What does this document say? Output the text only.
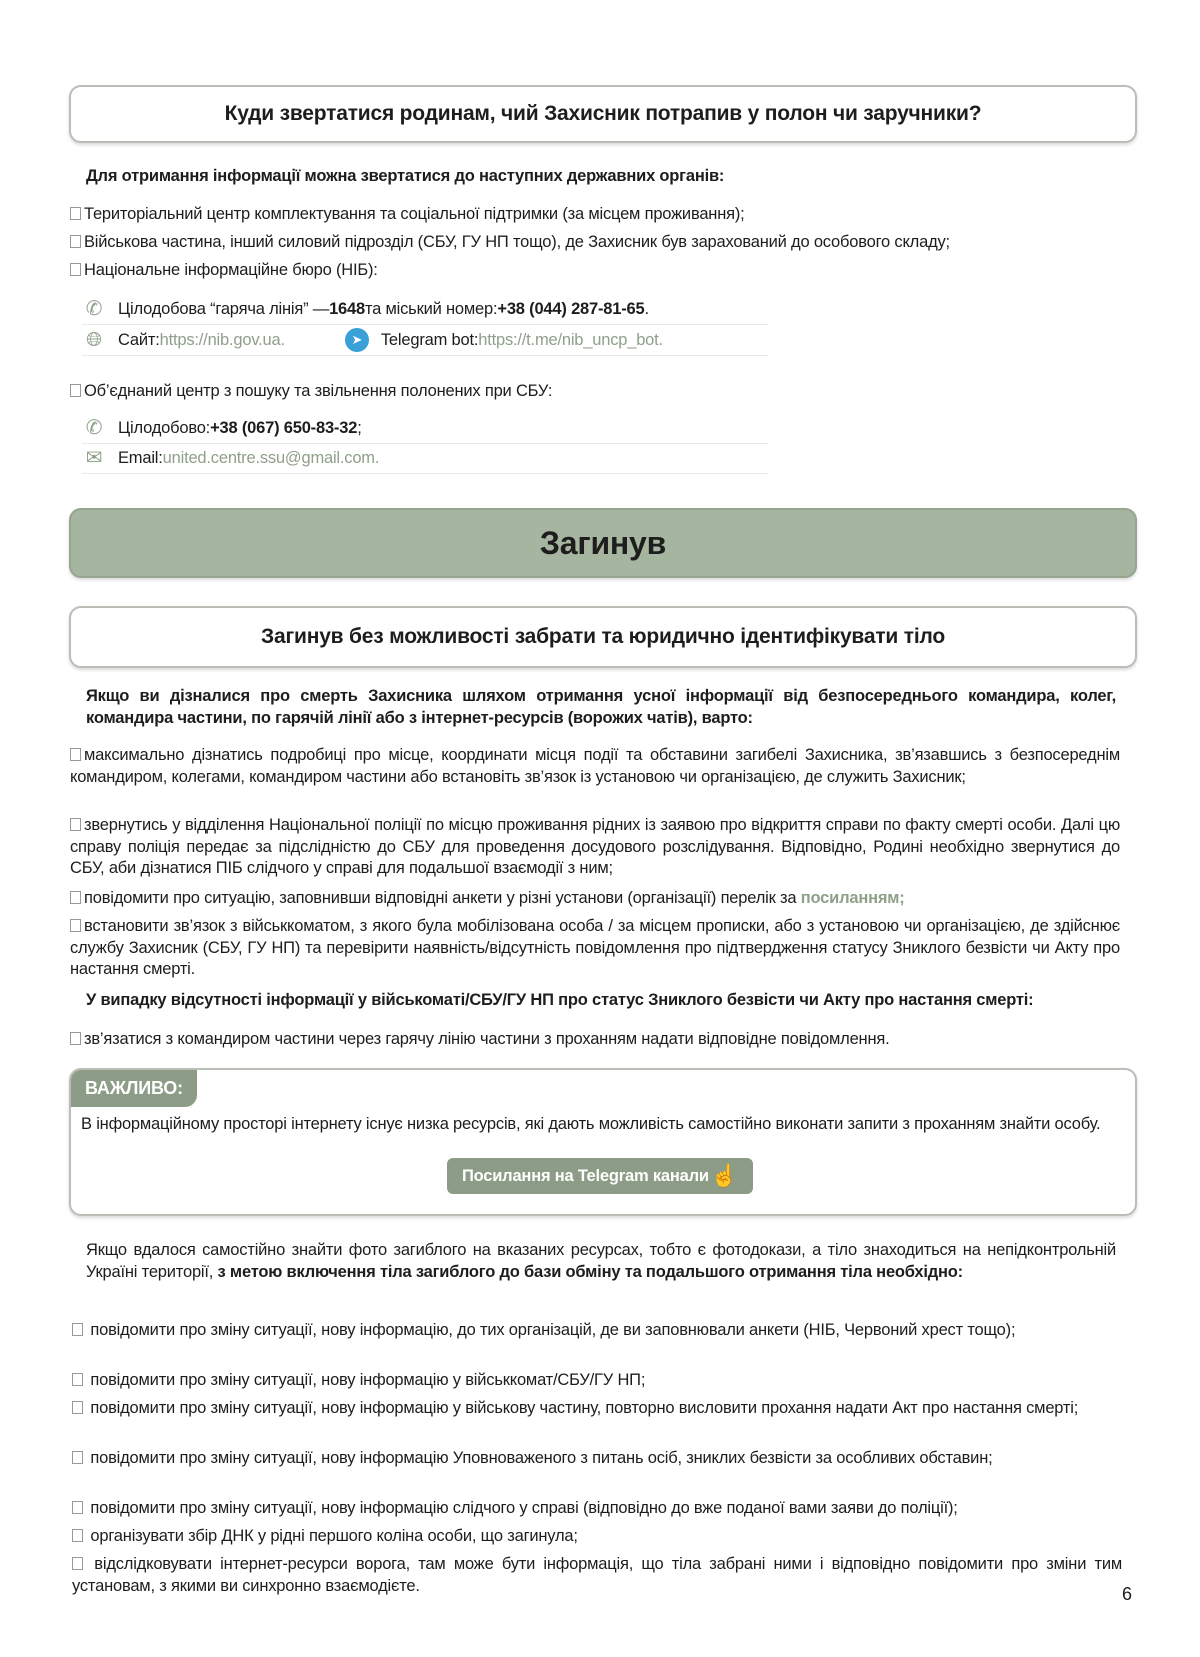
Куди звертатися родинам, чий Захисник потрапив у полон чи заручники?
Для отримання інформації можна звертатися до наступних державних органів:
Територіальний центр комплектування та соціальної підтримки (за місцем проживання);
Військова частина, інший силовий підрозділ (СБУ, ГУ НП тощо), де Захисник був зарахований до особового складу;
Національне інформаційне бюро (НІБ):
✆ Цілодобова “гаряча лінія” — 1648 та міський номер: +38 (044) 287-81-65 .
🌐︎ Сайт: https://nib.gov.ua.	➤	Telegram bot: https://t.me/nib_uncp_bot.
Об’єднаний центр з пошуку та звільнення полонених при СБУ:
✆ Цілодобово: +38 (067) 650-83-32 ;
✉ Email: united.centre.ssu@gmail.com.
Загинув
Загинув без можливості забрати та юридично ідентифікувати тіло
Якщо ви дізналися про смерть Захисника шляхом отримання усної інформації від безпосереднього командира, колег, командира частини, по гарячій лінії або з інтернет-ресурсів (ворожих чатів), варто:
максимально дізнатись подробиці про місце, координати місця події та обставини загибелі Захисника, зв’язавшись з безпосереднім командиром, колегами, командиром частини або встановіть зв’язок із установою чи організацією, де служить Захисник;
звернутись у відділення Національної поліції по місцю проживання рідних із заявою про відкриття справи по факту смерті особи. Далі цю справу поліція передає за підслідністю до СБУ для проведення досудового розслідування. Відповідно, Родині необхідно звернутися до СБУ, аби дізнатися ПІБ слідчого у справі для подальшої взаємодії з ним;
повідомити про ситуацію, заповнивши відповідні анкети у різні установи (організації) перелік за посиланням;
встановити зв’язок з військкоматом, з якого була мобілізована особа / за місцем прописки, або з установою чи організацією, де здійснює службу Захисник (СБУ, ГУ НП) та перевірити наявність/відсутність повідомлення про підтвердження статусу Зниклого безвісти чи Акту про настання смерті.
У випадку відсутності інформації у військоматі/СБУ/ГУ НП про статус Зниклого безвісти чи Акту про настання смерті:
зв’язатися з командиром частини через гарячу лінію частини з проханням надати відповідне повідомлення.
ВАЖЛИВО:
В інформаційному просторі інтернету існує низка ресурсів, які дають можливість самостійно виконати запити з проханням знайти особу.
Посилання на Telegram канали ☝
Якщо вдалося самостійно знайти фото загиблого на вказаних ресурсах, тобто є фотодокази, а тіло знаходиться на непідконтрольній Україні території, з метою включення тіла загиблого до бази обміну та подальшого отримання тіла необхідно:
повідомити про зміну ситуації, нову інформацію, до тих організацій, де ви заповнювали анкети (НІБ, Червоний хрест тощо);
повідомити про зміну ситуації, нову інформацію у військкомат/СБУ/ГУ НП;
повідомити про зміну ситуації, нову інформацію у військову частину, повторно висловити прохання надати Акт про настання смерті;
повідомити про зміну ситуації, нову інформацію Уповноваженого з питань осіб, зниклих безвісти за особливих обставин;
повідомити про зміну ситуації, нову інформацію слідчого у справі (відповідно до вже поданої вами заяви до поліції);
організувати збір ДНК у рідні першого коліна особи, що загинула;
відслідковувати інтернет-ресурси ворога, там може бути інформація, що тіла забрані ними і відповідно повідомити про зміни тим установам, з якими ви синхронно взаємодієте.	6
